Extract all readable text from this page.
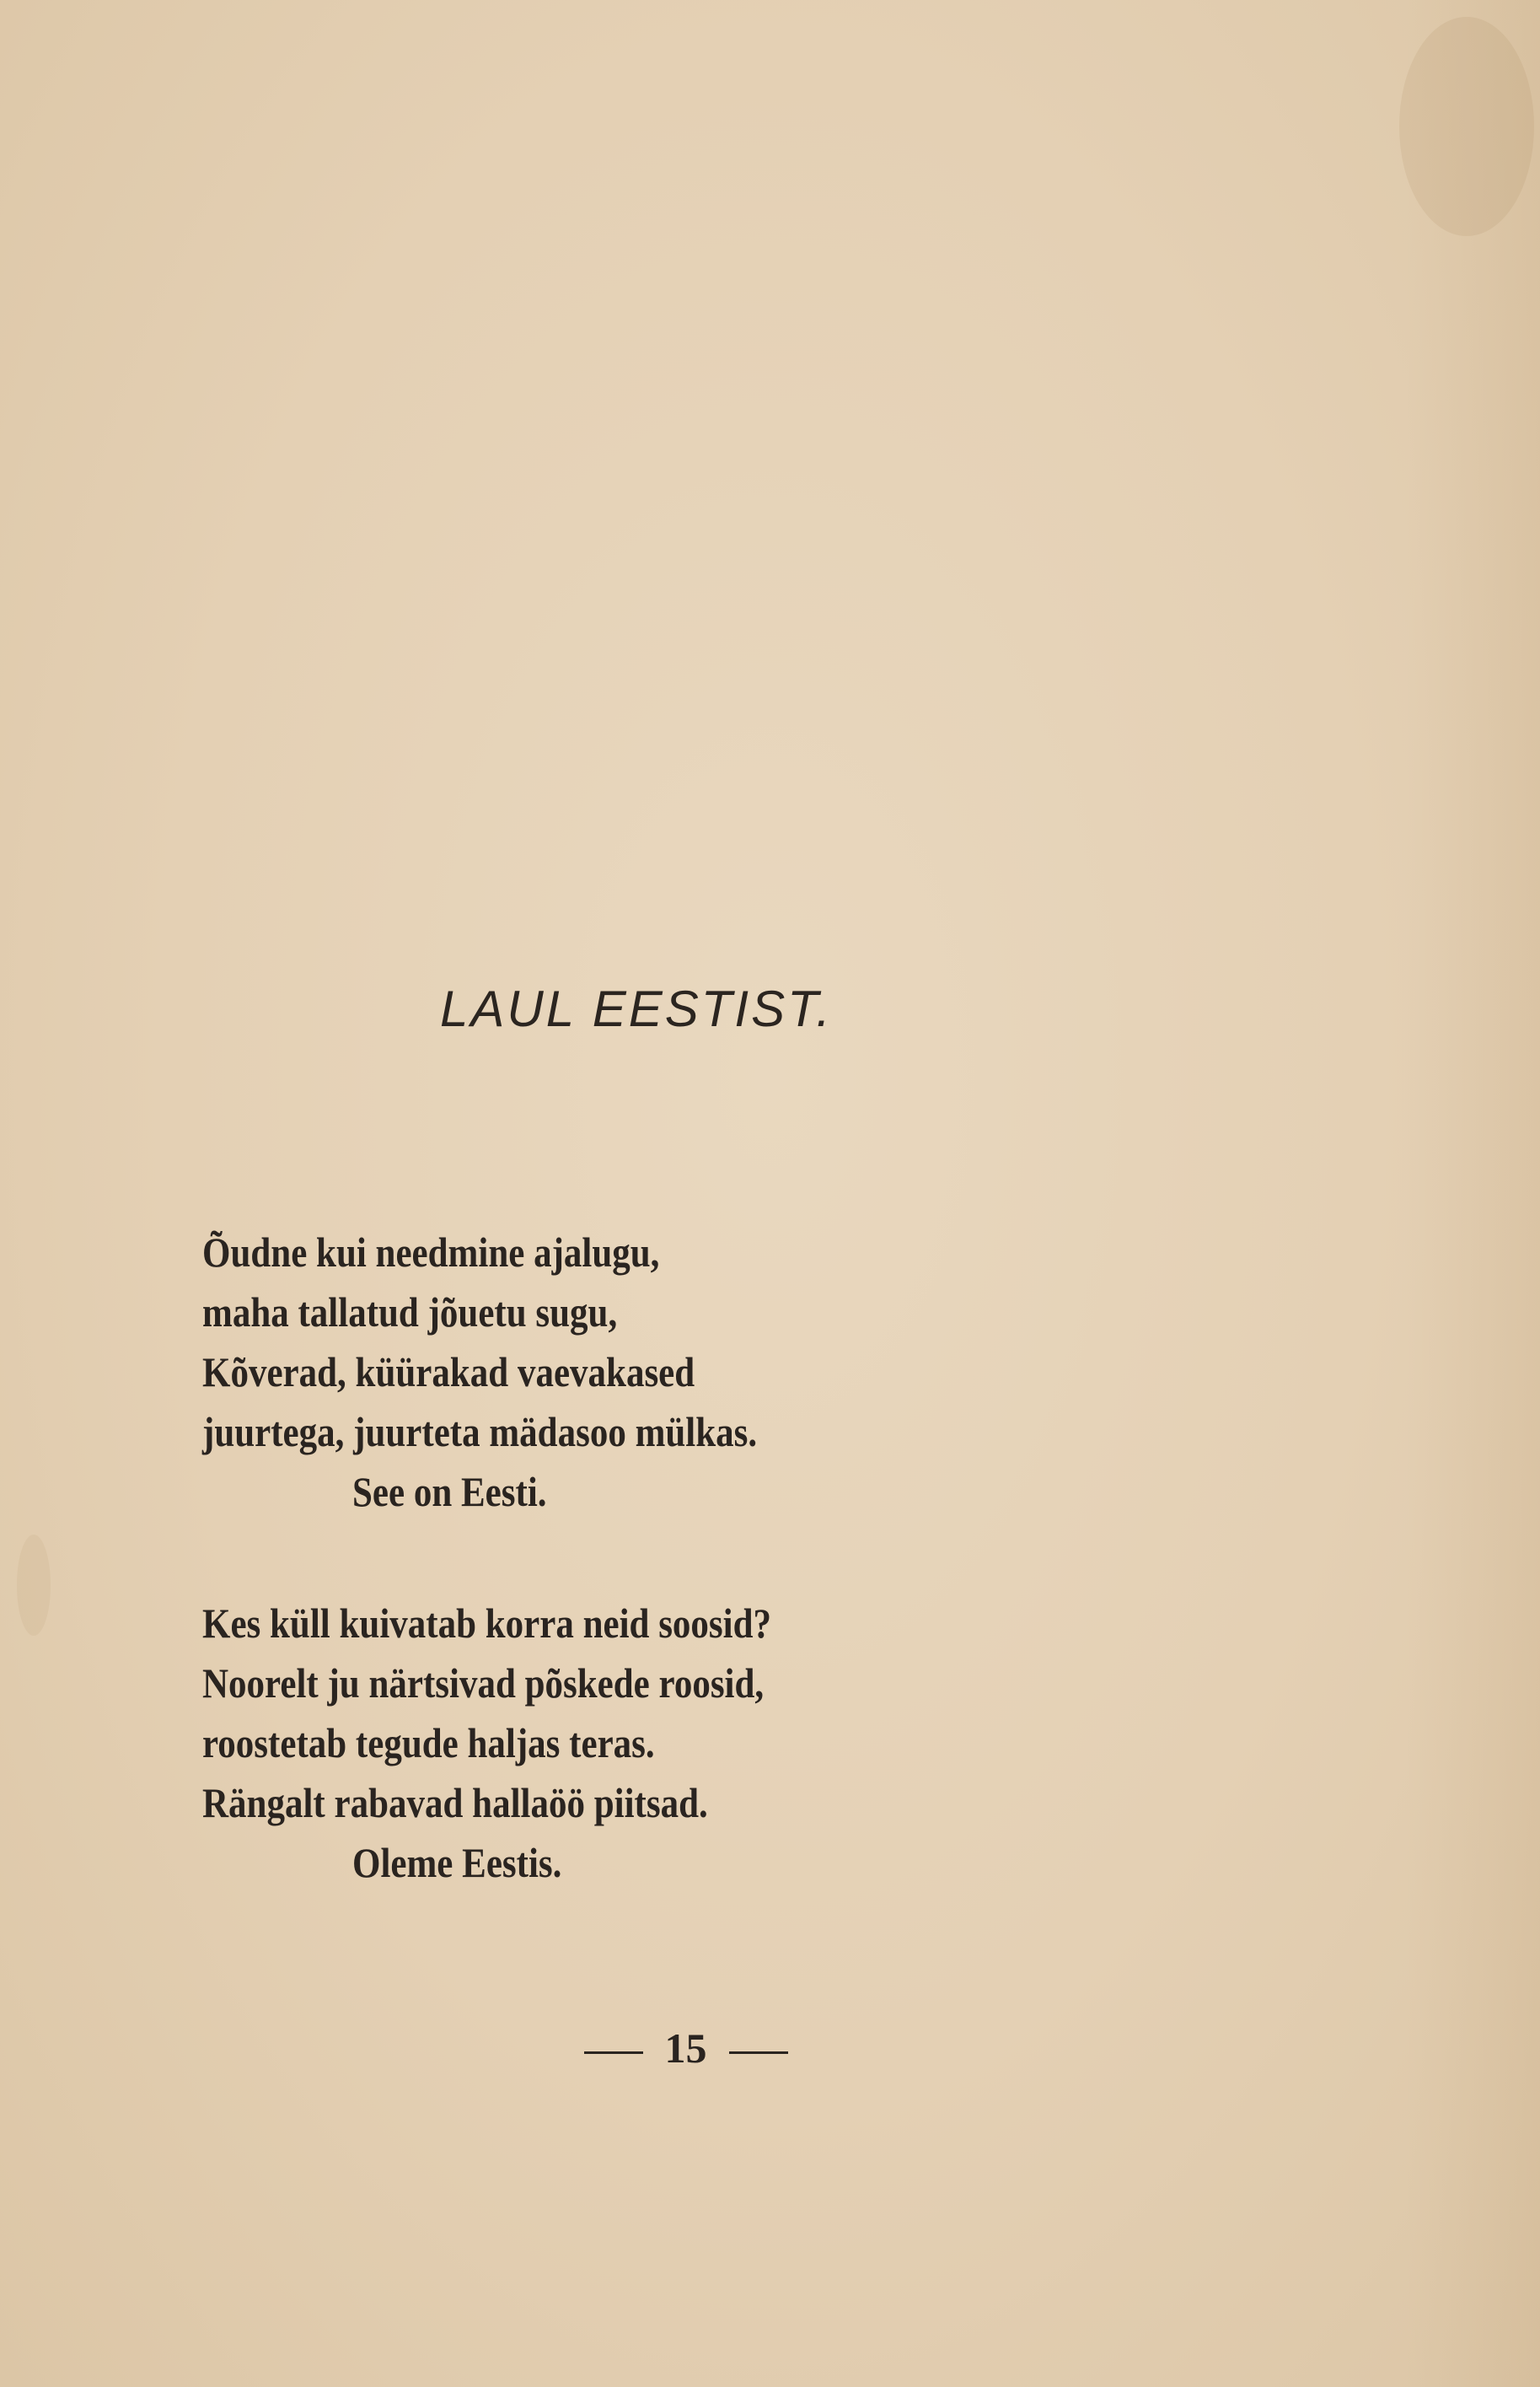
LAUL EESTIST.
Õudne kui needmine ajalugu,
maha tallatud jõuetu sugu,
Kõverad, küürakad vaevakased
juurtega, juurteta mädasoo mülkas.
See on Eesti.
Kes küll kuivatab korra neid soosid?
Noorelt ju närtsivad põskede roosid,
roostetab tegude haljas teras.
Rängalt rabavad hallaöö piitsad.
Oleme Eestis.
15
